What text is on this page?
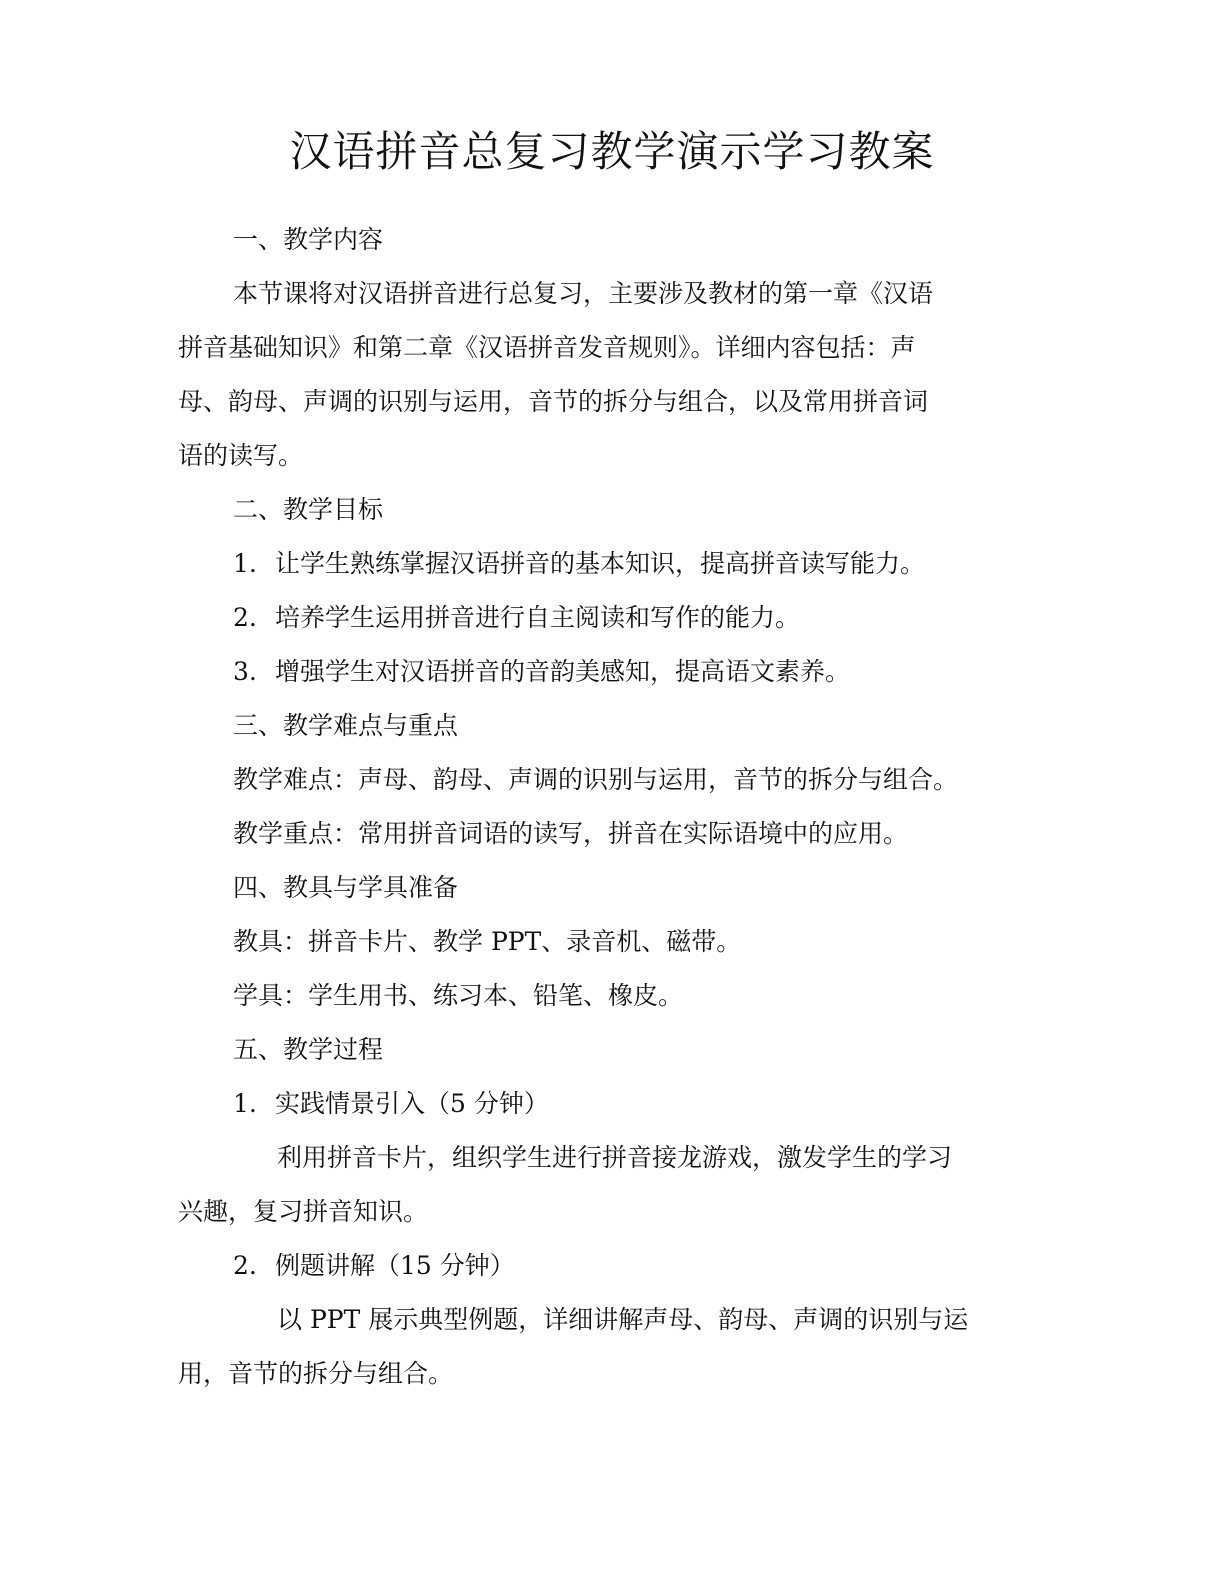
汉语拼音总复习教学演示学习教案
一、教学内容
本节课将对汉语拼音进行总复习，主要涉及教材的第一章《汉语
拼音基础知识》和第二章《汉语拼音发音规则》。详细内容包括：声
母、韵母、声调的识别与运用，音节的拆分与组合，以及常用拼音词
语的读写。
二、教学目标
1. 让学生熟练掌握汉语拼音的基本知识，提高拼音读写能力。
2. 培养学生运用拼音进行自主阅读和写作的能力。
3. 增强学生对汉语拼音的音韵美感知，提高语文素养。
三、教学难点与重点
教学难点：声母、韵母、声调的识别与运用，音节的拆分与组合。
教学重点：常用拼音词语的读写，拼音在实际语境中的应用。
四、教具与学具准备
教具：拼音卡片、教学 PPT、录音机、磁带。
学具：学生用书、练习本、铅笔、橡皮。
五、教学过程
1. 实践情景引入（5 分钟）
利用拼音卡片，组织学生进行拼音接龙游戏，激发学生的学习
兴趣，复习拼音知识。
2. 例题讲解（15 分钟）
以 PPT 展示典型例题，详细讲解声母、韵母、声调的识别与运
用，音节的拆分与组合。
